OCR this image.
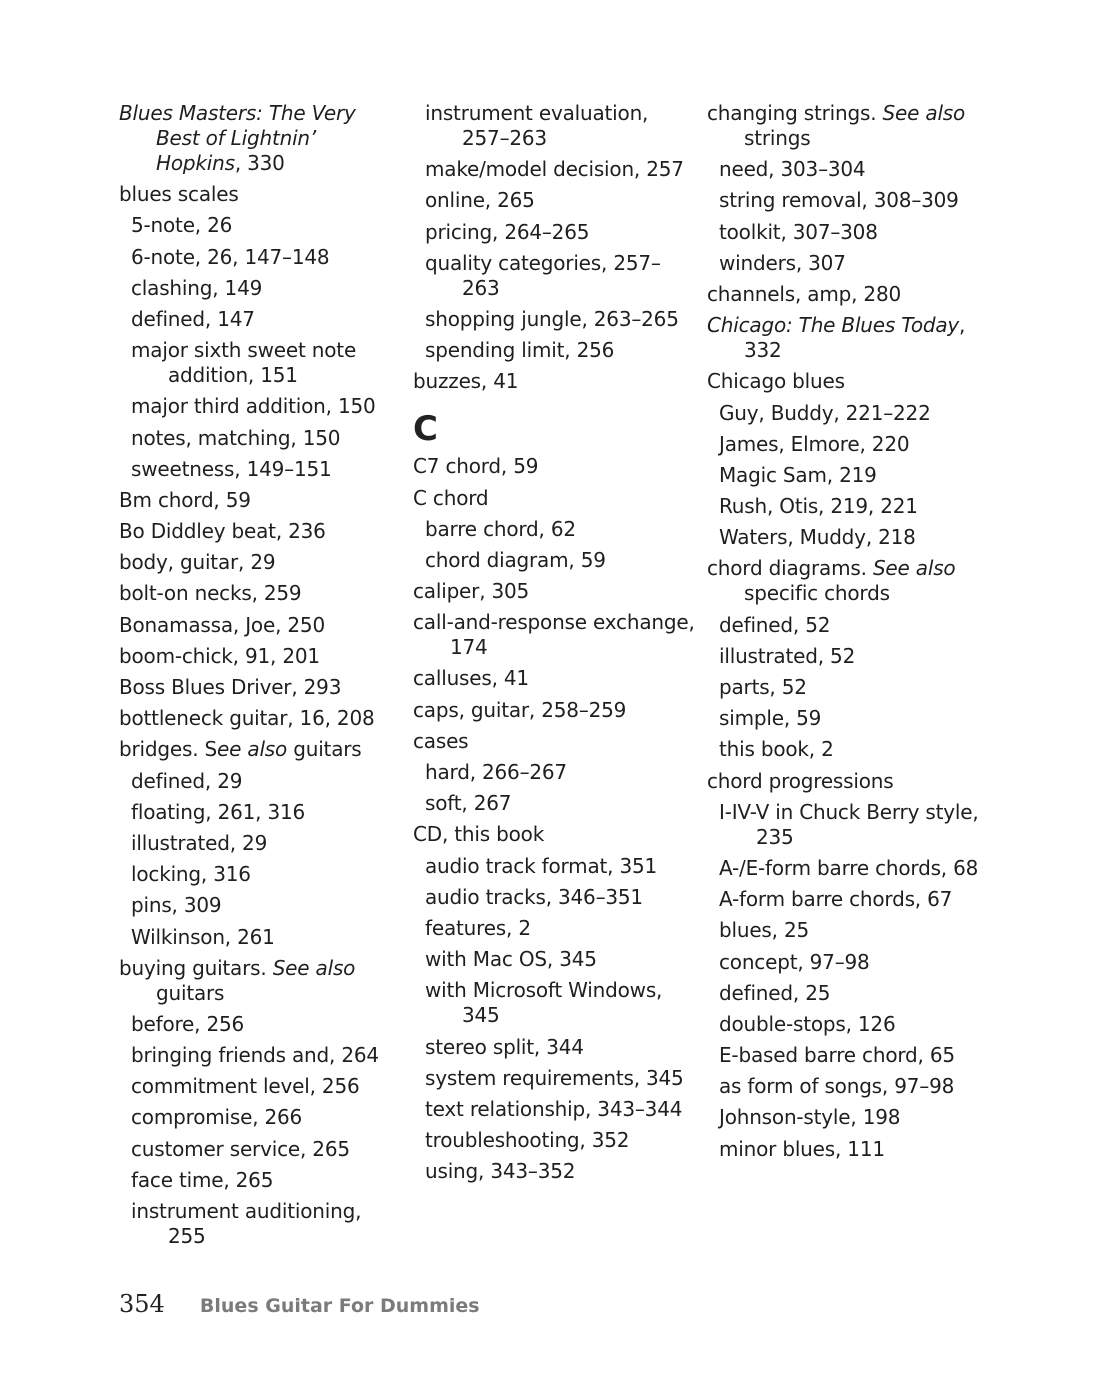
Blues Masters: The Very Best of Lightnin’ Hopkins, 330
blues scales
5-note, 26
6-note, 26, 147–148
clashing, 149
defined, 147
major sixth sweet note addition, 151
major third addition, 150
notes, matching, 150
sweetness, 149–151
Bm chord, 59
Bo Diddley beat, 236
body, guitar, 29
bolt-on necks, 259
Bonamassa, Joe, 250
boom-chick, 91, 201
Boss Blues Driver, 293
bottleneck guitar, 16, 208
bridges. See also guitars
defined, 29
floating, 261, 316
illustrated, 29
locking, 316
pins, 309
Wilkinson, 261
buying guitars. See also guitars
before, 256
bringing friends and, 264
commitment level, 256
compromise, 266
customer service, 265
face time, 265
instrument auditioning, 255
instrument evaluation, 257–263
make/model decision, 257
online, 265
pricing, 264–265
quality categories, 257–263
shopping jungle, 263–265
spending limit, 256
buzzes, 41
C
C7 chord, 59
C chord
barre chord, 62
chord diagram, 59
caliper, 305
call-and-response exchange, 174
calluses, 41
caps, guitar, 258–259
cases
hard, 266–267
soft, 267
CD, this book
audio track format, 351
audio tracks, 346–351
features, 2
with Mac OS, 345
with Microsoft Windows, 345
stereo split, 344
system requirements, 345
text relationship, 343–344
troubleshooting, 352
using, 343–352
changing strings. See also strings
need, 303–304
string removal, 308–309
toolkit, 307–308
winders, 307
channels, amp, 280
Chicago: The Blues Today, 332
Chicago blues
Guy, Buddy, 221–222
James, Elmore, 220
Magic Sam, 219
Rush, Otis, 219, 221
Waters, Muddy, 218
chord diagrams. See also specific chords
defined, 52
illustrated, 52
parts, 52
simple, 59
this book, 2
chord progressions
I-IV-V in Chuck Berry style, 235
A-/E-form barre chords, 68
A-form barre chords, 67
blues, 25
concept, 97–98
defined, 25
double-stops, 126
E-based barre chord, 65
as form of songs, 97–98
Johnson-style, 198
minor blues, 111
354 Blues Guitar For Dummies
